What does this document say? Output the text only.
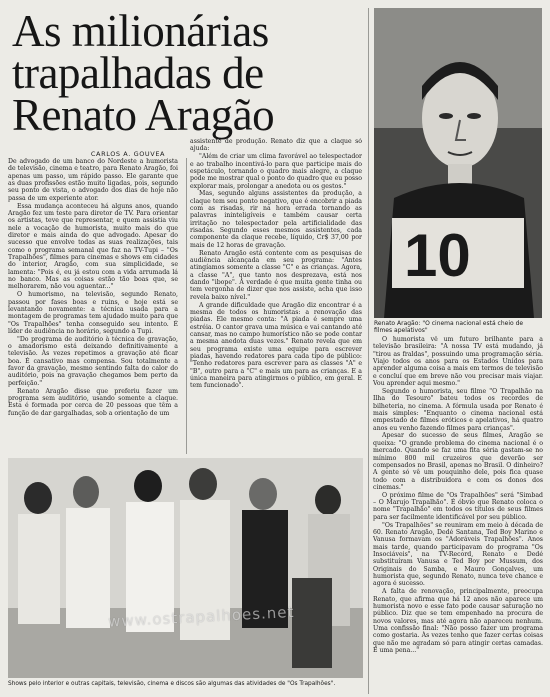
As milionárias trapalhadas de Renato Aragão
CARLOS A. GOUVEA

De advogado de um banco do Nordeste a humorista de televisão, cinema e teatro, para Renato Aragão, foi apenas um passo, um rápido passo. Ele garante que as duas profissões estão muito ligadas, pois, segundo seu ponto de vista, o advogado dos dias de hoje não passa de um experiente ator.

Essa mudança aconteceu há alguns anos, quando Aragão fez um teste para diretor de TV. Para orientar os artistas, teve que representar, e quem assistia viu nele a vocação de humorista, muito mais do que diretor e mais ainda do que advogado. Apesar do sucesso que envolve todas as suas realizações, tais como o programa semanal que faz na TV-Tupi – "Os Trapalhões", filmes para cinemas e shows em cidades do interior, Aragão, com sua simplicidade, se lamenta: "Pois é, eu já estou com a vida arrumada lá no banco. Mas as coisas estão tão boas que, se melhorarem, não vou aguentar..."

O humorismo, na televisão, segundo Renato, passou por fases boas e ruins, e hoje está se levantando novamente: a técnica usada para a montagem de programas tem ajudado muito para que "Os Trapalhões" tenha conseguido seu intento. É líder de audiência no horário, segundo a Tupi.

"Do programa de auditório à técnica de gravação, o amadorismo está deixando definitivamente a televisão. Às vezes repetimos a gravação até ficar boa. É cansativo mas compensa. Sou totalmente a favor da gravação, mesmo sentindo falta do calor do auditório, pois na gravação chegamos bem perto da perfeição."

Renato Aragão disse que preferiu fazer um programa sem auditório, usando somente a claque. Esta é formada por cerca de 20 pessoas que têm a função de dar gargalhadas, sob a orientação de um

assistente de produção. Renato diz que a claque só ajuda:

"Além de criar um clima favorável ao telespectador e ao trabalho incentivá-lo para que participe mais do espetáculo, tornando o quadro mais alegre, a claque pode me mostrar qual o ponto do quadro que eu posso explorar mais, prolongar a anedota ou os gestos."

Mas, segundo alguns assistentes da produção, a claque tem seu ponto negativo, que é encobrir a piada com as risadas, rir na hora errada tornando as palavras ininteligíveis e também causar certa irritação no telespectador pela artificialidade das risadas. Segundo esses mesmos assistentes, cada componente da claque recebe, líquido, Cr$ 37,00 por mais de 12 horas de gravação.

Renato Aragão está contente com as pesquisas de audiência alcançada em seu programa: "Antes atingíamos somente a classe "C" e as crianças. Agora, a classe "A", que tanto nos desprezava, está nos dando "ibope". A verdade é que muita gente tinha ou tem vergonha de dizer que nos assiste, acha que isso revela baixo nível."

A grande dificuldade que Aragão diz encontrar é a mesma de todos os humoristas: a renovação das piadas. Ele mesmo conta: "A piada é sempre uma estréia. O cantor grava uma música e vai cantando até cansar, mas no campo humorístico não se pode contar a mesma anedota duas vezes." Renato revela que em seu programa existe uma equipe para escrever piadas, havendo redatores para cada tipo de público: "Tenho redatores para escrever para as classes "A" e "B", outro para a "C" e mais um para as crianças. E a única maneira para atingirmos o público, em geral. E tem funcionado".

10
Renato Aragão: "O cinema nacional está cheio de filmes apelativos"

O humorista vê um futuro brilhante para a televisão brasileira: "A nossa TV está mudando, já "tirou as fraldas", possuindo uma programação séria. Viajo todos os anos para os Estados Unidos para aprender alguma coisa a mais em termos de televisão e concluí que em breve não vou precisar mais viajar. Vou aprender aqui mesmo."

Segundo o humorista, seu filme "O Trapalhão na Ilha do Tesouro" bateu todos os recordes de bilheteria, no cinema. A fórmula usada por Renato é mais simples: "Enquanto o cinema nacional está empestado de filmes eróticos e apelativos, há quatro anos eu venho fazendo filmes para crianças".

Apesar do sucesso de seus filmes, Aragão se queixa: "O grande problema do cinema nacional é o mercado. Quando se faz uma fita séria gastam-se no mínimo 800 mil cruzeiros que deverão ser compensados no Brasil, apenas no Brasil. O dinheiro? A gente só vê um pouquinho dele, pois fica quase todo com a distribuidora e com os donos dos cinemas."

O próximo filme de "Os Trapalhões" será "Simbad – O Marujo Trapalhão". É óbvio que Renato coloca o nome "Trapalhão" em todos os títulos de seus filmes para ser facilmente identificável por seu público.

"Os Trapalhões" se reuniram em meio à década de 60. Renato Aragão, Dedé Santana, Ted Boy Marino e Vanusa formavam os "Adoráveis Trapalhões". Anos mais tarde, quando participavam do programa "Os Insociáveis", na TV-Record, Renato e Dedé substituíram Vanusa e Ted Boy por Mussum, dos Originais do Samba, e Mauro Gonçalves, um humorista que, segundo Renato, nunca teve chance e agora é sucesso.

A falta de renovação, principalmente, preocupa Renato, que afirma que há 12 anos não aparece um humorista novo e esse fato pode causar saturação no público. Diz que se tem empenhado na procura de novos valores, mas até agora não apareceu nenhum. Uma confissão final: "Não posso fazer um programa como gostaria. Às vezes tenho que fazer certas coisas que não me agradam só para atingir certas camadas. É uma pena..."

www.ostrapalhoes.net
Shows pelo interior e outras capitais, televisão, cinema e discos são algumas das atividades de "Os Trapalhões".
